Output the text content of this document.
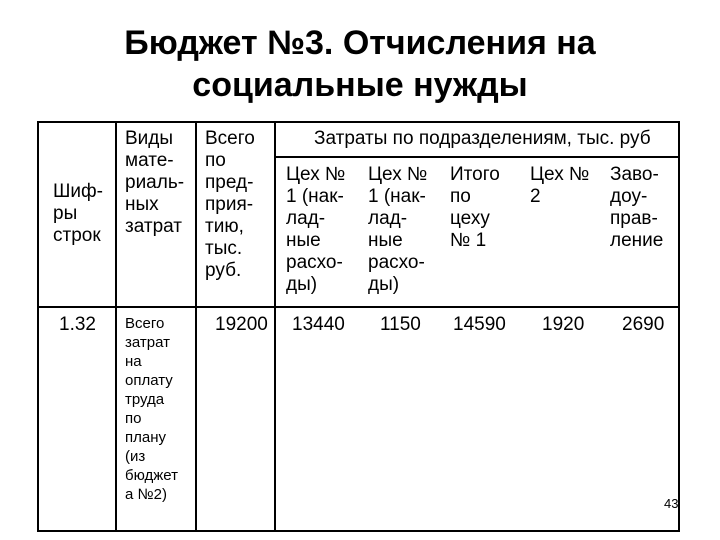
Бюджет №3. Отчисления на
социальные нужды
Шиф-
ры
строк
Виды
мате-
риаль-
ных
затрат
Всего
по
пред-
прия-
тию,
тыс.
руб.
Затраты по подразделениям, тыс. руб
Цех №
1 (нак-
лад-
ные
расхо-
ды)
Цех №
1 (нак-
лад-
ные
расхо-
ды)
Итого
по
цеху
№ 1
Цех №
2
Заво-
доу-
прав-
ление
1.32 Всего
затрат
на
оплату
труда
по
плану
(из
бюджет
а №2)
19200 13440 1150 14590 1920 2690
43
